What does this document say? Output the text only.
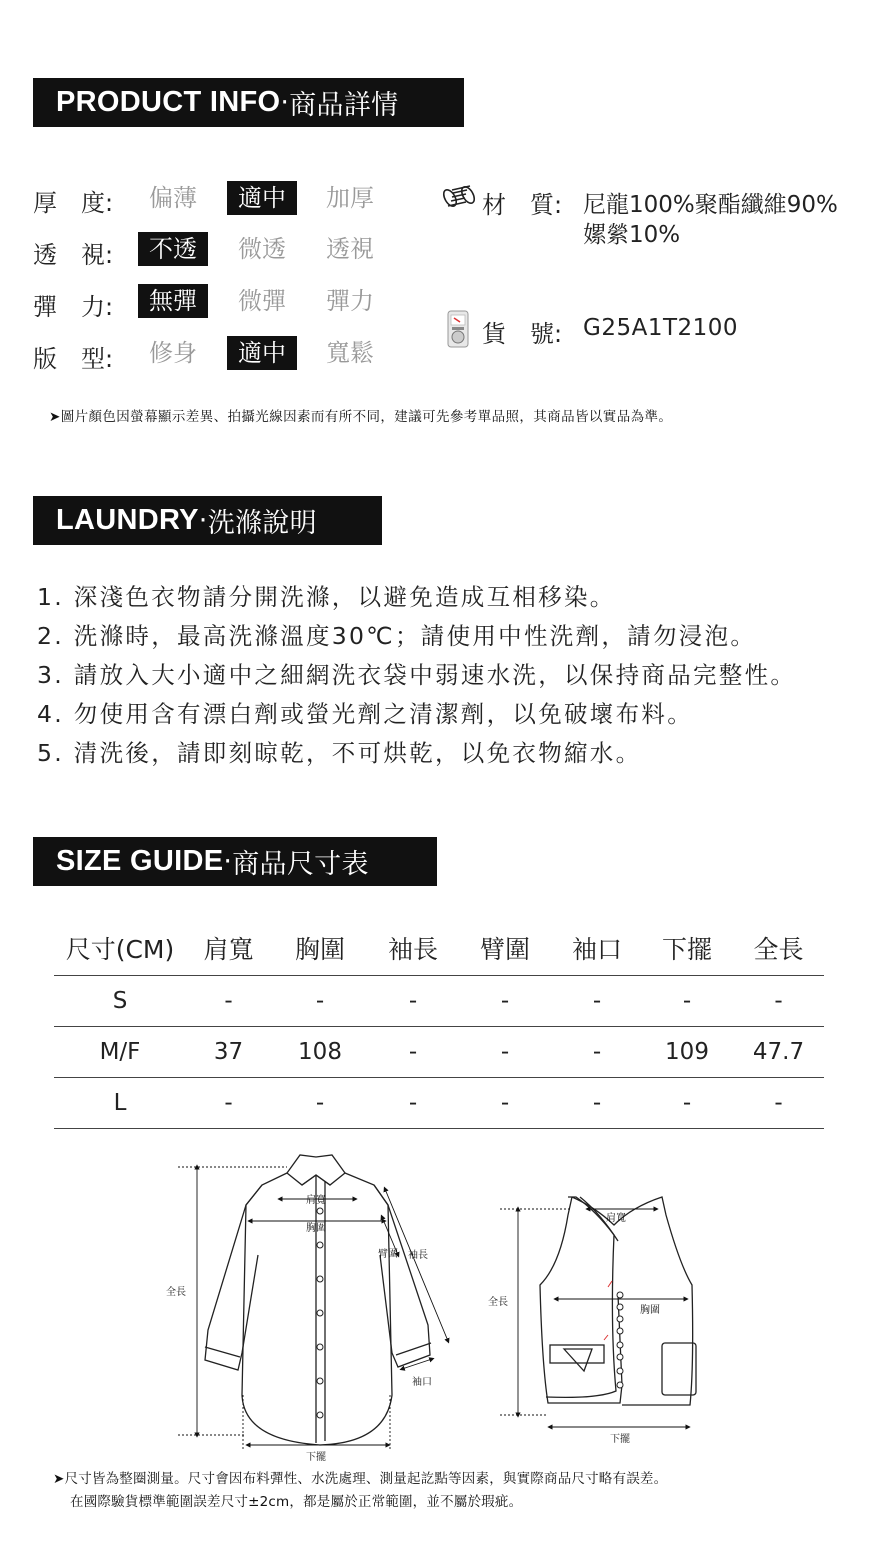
PRODUCT INFO · 商品詳情
厚　度:	偏薄	適中	加厚
透　視:	不透	微透	透視
彈　力:	無彈	微彈	彈力
版　型:	修身	適中	寬鬆
材　質: 尼龍100%聚酯纖維90%
嫘縈10%
貨　號: G25A1T2100
➤圖片顏色因螢幕顯示差異、拍攝光線因素而有所不同，建議可先參考單品照，其商品皆以實品為準。
LAUNDRY · 洗滌說明
1. 深淺色衣物請分開洗滌，以避免造成互相移染。
2. 洗滌時，最高洗滌溫度30℃；請使用中性洗劑，請勿浸泡。
3. 請放入大小適中之細網洗衣袋中弱速水洗，以保持商品完整性。
4. 勿使用含有漂白劑或螢光劑之清潔劑，以免破壞布料。
5. 清洗後，請即刻晾乾，不可烘乾，以免衣物縮水。
SIZE GUIDE · 商品尺寸表
尺寸(CM)	肩寬	胸圍	袖長	臂圍	袖口	下擺	全長
S	-	-	-	-	-	-	-
M/F	37	108	-	-	-	109	47.7
L	-	-	-	-	-	-	-
肩寬
胸圍
臂圍 袖長
全長
袖口
下擺
肩寬
胸圍
全長
下擺
➤尺寸皆為整圈測量。尺寸會因布料彈性、水洗處理、測量起訖點等因素，與實際商品尺寸略有誤差。
在國際驗貨標準範圍誤差尺寸±2cm，都是屬於正常範圍，並不屬於瑕疵。
